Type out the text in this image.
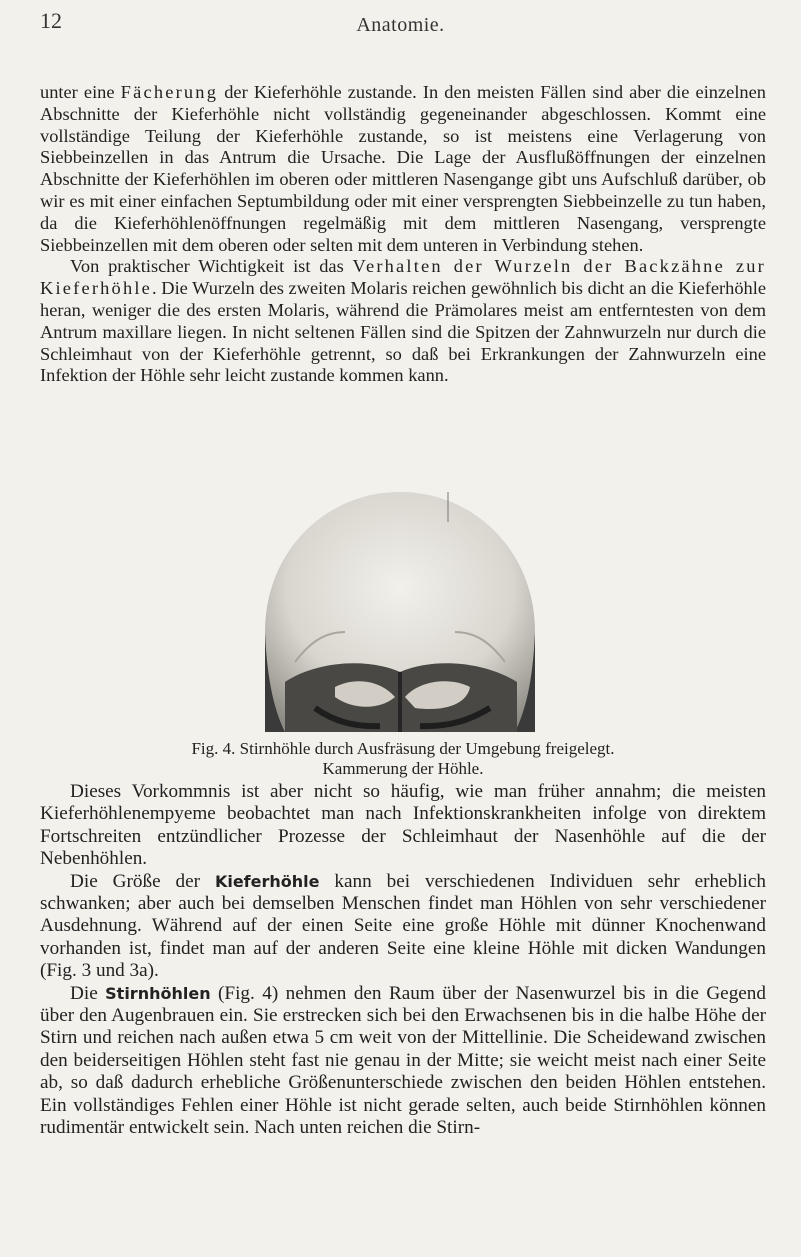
12	Anatomie.

unter eine Fächerung der Kieferhöhle zustande. In den meisten Fällen sind aber die einzelnen Abschnitte der Kieferhöhle nicht vollständig gegeneinander abgeschlossen. Kommt eine vollständige Teilung der Kieferhöhle zustande, so ist meistens eine Verlagerung von Siebbeinzellen in das Antrum die Ursache. Die Lage der Ausflußöffnungen der einzelnen Abschnitte der Kieferhöhlen im oberen oder mittleren Nasengange gibt uns Aufschluß darüber, ob wir es mit einer einfachen Septumbildung oder mit einer versprengten Siebbeinzelle zu tun haben, da die Kieferhöhlenöffnungen regelmäßig mit dem mittleren Nasengang, versprengte Siebbeinzellen mit dem oberen oder selten mit dem unteren in Verbindung stehen.

Von praktischer Wichtigkeit ist das Verhalten der Wurzeln der Backzähne zur Kieferhöhle. Die Wurzeln des zweiten Molaris reichen gewöhnlich bis dicht an die Kieferhöhle heran, weniger die des ersten Molaris, während die Prämolares meist am entferntesten von dem Antrum maxillare liegen. In nicht seltenen Fällen sind die Spitzen der Zahnwurzeln nur durch die Schleimhaut von der Kieferhöhle getrennt, so daß bei Erkrankungen der Zahnwurzeln eine Infektion der Höhle sehr leicht zustande kommen kann.

Fig. 4. Stirnhöhle durch Ausfräsung der Umgebung freigelegt.
Kammerung der Höhle.

Dieses Vorkommnis ist aber nicht so häufig, wie man früher annahm; die meisten Kieferhöhlenempyeme beobachtet man nach Infektionskrankheiten infolge von direktem Fortschreiten entzündlicher Prozesse der Schleimhaut der Nasenhöhle auf die der Nebenhöhlen.

Die Größe der Kieferhöhle kann bei verschiedenen Individuen sehr erheblich schwanken; aber auch bei demselben Menschen findet man Höhlen von sehr verschiedener Ausdehnung. Während auf der einen Seite eine große Höhle mit dünner Knochenwand vorhanden ist, findet man auf der anderen Seite eine kleine Höhle mit dicken Wandungen (Fig. 3 und 3a).

Die Stirnhöhlen (Fig. 4) nehmen den Raum über der Nasenwurzel bis in die Gegend über den Augenbrauen ein. Sie erstrecken sich bei den Erwachsenen bis in die halbe Höhe der Stirn und reichen nach außen etwa 5 cm weit von der Mittellinie. Die Scheidewand zwischen den beiderseitigen Höhlen steht fast nie genau in der Mitte; sie weicht meist nach einer Seite ab, so daß dadurch erhebliche Größenunterschiede zwischen den beiden Höhlen entstehen. Ein vollständiges Fehlen einer Höhle ist nicht gerade selten, auch beide Stirnhöhlen können rudimentär entwickelt sein. Nach unten reichen die Stirn-
